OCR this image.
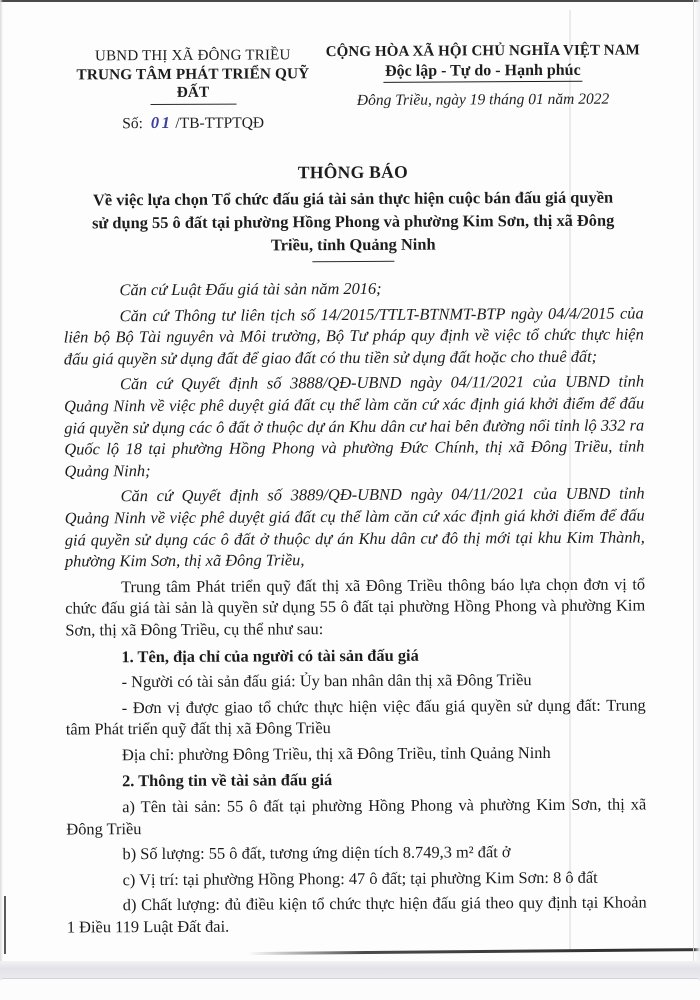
UBND THỊ XÃ ĐÔNG TRIỀU
TRUNG TÂM PHÁT TRIỂN QUỸ ĐẤT
Số: 01 /TB-TTPTQĐ
CỘNG HÒA XÃ HỘI CHỦ NGHĨA VIỆT NAM
Độc lập - Tự do - Hạnh phúc
Đông Triều, ngày 19 tháng 01 năm 2022
THÔNG BÁO
Về việc lựa chọn Tổ chức đấu giá tài sản thực hiện cuộc bán đấu giá quyền sử dụng 55 ô đất tại phường Hồng Phong và phường Kim Sơn, thị xã Đông Triều, tỉnh Quảng Ninh
Căn cứ Luật Đấu giá tài sản năm 2016;
Căn cứ Thông tư liên tịch số 14/2015/TTLT-BTNMT-BTP ngày 04/4/2015 của liên bộ Bộ Tài nguyên và Môi trường, Bộ Tư pháp quy định về việc tổ chức thực hiện đấu giá quyền sử dụng đất để giao đất có thu tiền sử dụng đất hoặc cho thuê đất;
Căn cứ Quyết định số 3888/QĐ-UBND ngày 04/11/2021 của UBND tỉnh Quảng Ninh về việc phê duyệt giá đất cụ thể làm căn cứ xác định giá khởi điểm để đấu giá quyền sử dụng các ô đất ở thuộc dự án Khu dân cư hai bên đường nối tỉnh lộ 332 ra Quốc lộ 18 tại phường Hồng Phong và phường Đức Chính, thị xã Đông Triều, tỉnh Quảng Ninh;
Căn cứ Quyết định số 3889/QĐ-UBND ngày 04/11/2021 của UBND tỉnh Quảng Ninh về việc phê duyệt giá đất cụ thể làm căn cứ xác định giá khởi điểm để đấu giá quyền sử dụng các ô đất ở thuộc dự án Khu dân cư đô thị mới tại khu Kim Thành, phường Kim Sơn, thị xã Đông Triều,
Trung tâm Phát triển quỹ đất thị xã Đông Triều thông báo lựa chọn đơn vị tổ chức đấu giá tài sản là quyền sử dụng 55 ô đất tại phường Hồng Phong và phường Kim Sơn, thị xã Đông Triều, cụ thể như sau:
1. Tên, địa chỉ của người có tài sản đấu giá
- Người có tài sản đấu giá: Ủy ban nhân dân thị xã Đông Triều
- Đơn vị được giao tổ chức thực hiện việc đấu giá quyền sử dụng đất: Trung tâm Phát triển quỹ đất thị xã Đông Triều
Địa chỉ: phường Đông Triều, thị xã Đông Triều, tỉnh Quảng Ninh
2. Thông tin về tài sản đấu giá
a) Tên tài sản: 55 ô đất tại phường Hồng Phong và phường Kim Sơn, thị xã Đông Triều
b) Số lượng: 55 ô đất, tương ứng diện tích 8.749,3 m² đất ở
c) Vị trí: tại phường Hồng Phong: 47 ô đất; tại phường Kim Sơn: 8 ô đất
d) Chất lượng: đủ điều kiện tổ chức thực hiện đấu giá theo quy định tại Khoản 1 Điều 119 Luật Đất đai.
